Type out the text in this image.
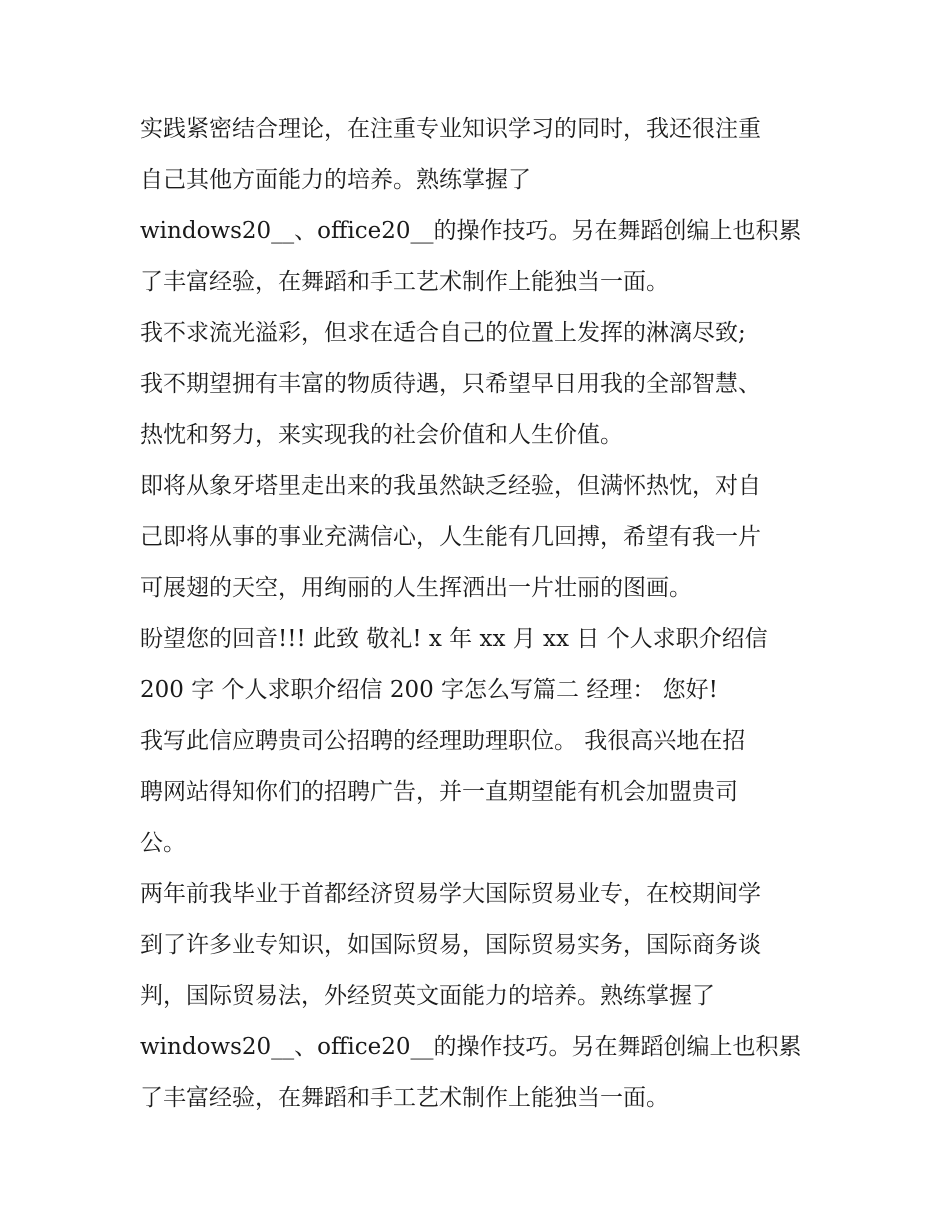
实践紧密结合理论，在注重专业知识学习的同时，我还很注重
自己其他方面能力的培养。熟练掌握了
windows20__、office20__的操作技巧。另在舞蹈创编上也积累
了丰富经验，在舞蹈和手工艺术制作上能独当一面。
我不求流光溢彩，但求在适合自己的位置上发挥的淋漓尽致;
我不期望拥有丰富的物质待遇，只希望早日用我的全部智慧、
热忱和努力，来实现我的社会价值和人生价值。
即将从象牙塔里走出来的我虽然缺乏经验，但满怀热忱，对自
己即将从事的事业充满信心，人生能有几回搏，希望有我一片
可展翅的天空，用绚丽的人生挥洒出一片壮丽的图画。
盼望您的回音!!! 此致 敬礼! x 年 xx 月 xx 日 个人求职介绍信
200 字 个人求职介绍信 200 字怎么写篇二 经理： 您好!
我写此信应聘贵司公招聘的经理助理职位。 我很高兴地在招
聘网站得知你们的招聘广告，并一直期望能有机会加盟贵司
公。
两年前我毕业于首都经济贸易学大国际贸易业专，在校期间学
到了许多业专知识，如国际贸易，国际贸易实务，国际商务谈
判，国际贸易法，外经贸英文面能力的培养。熟练掌握了
windows20__、office20__的操作技巧。另在舞蹈创编上也积累
了丰富经验，在舞蹈和手工艺术制作上能独当一面。
